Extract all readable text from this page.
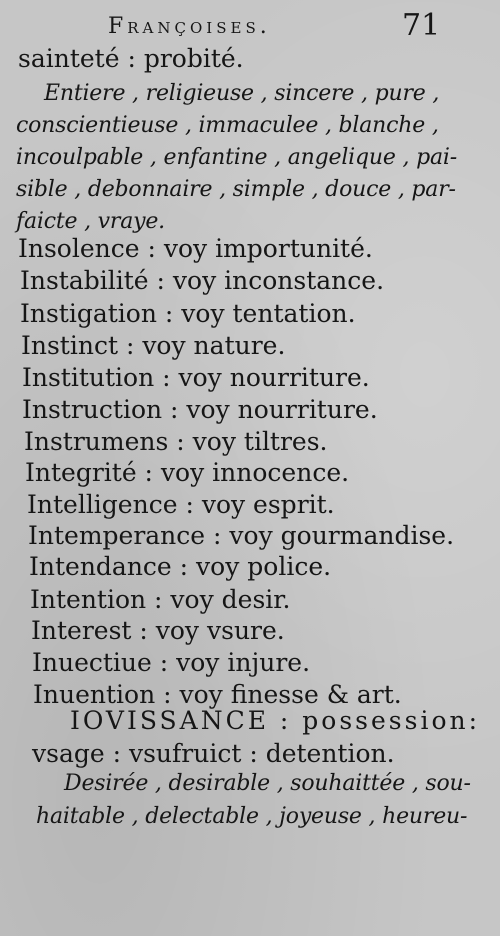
Françoises.	71
sainteté : probité.
Entiere , religieuse , sincere , pure ,
conscientieuse , immaculee , blanche ,
incoulpable , enfantine , angelique , pai-
sible , debonnaire , simple , douce , par-
faicte , vraye.
Insolence : voy importunité.
Instabilité : voy inconstance.
Instigation : voy tentation.
Instinct : voy nature.
Institution : voy nourriture.
Instruction : voy nourriture.
Instrumens : voy tiltres.
Integrité : voy innocence.
Intelligence : voy esprit.
Intemperance : voy gourmandise.
Intendance : voy police.
Intention : voy desir.
Interest : voy vsure.
Inuectiue : voy injure.
Inuention : voy finesse & art.
IOVISSANCE : possession:
vsage : vsufruict : detention.
Desirée , desirable , souhaittée , sou-
haitable , delectable , joyeuse , heureu-
